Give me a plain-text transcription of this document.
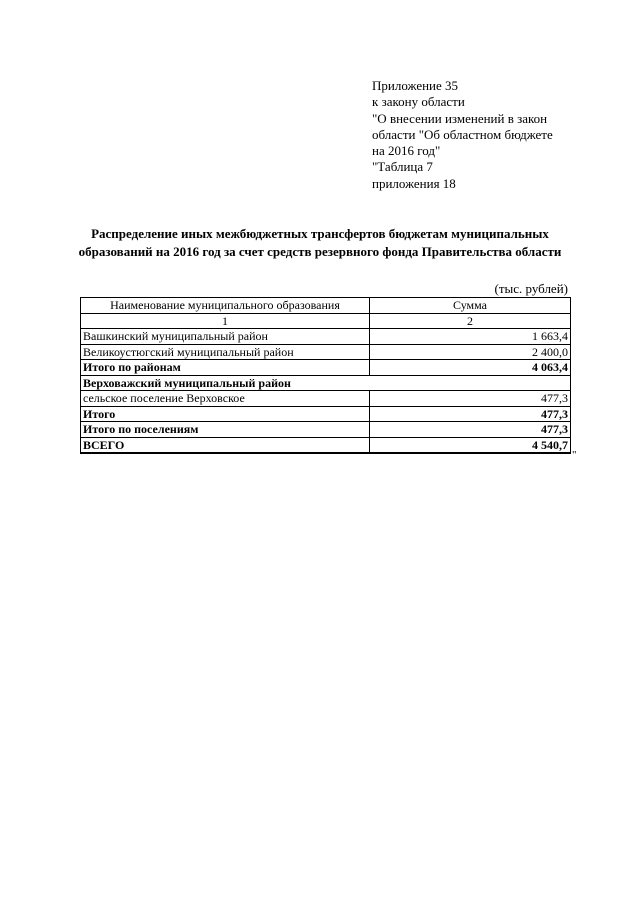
Приложение 35
к закону области
"О внесении изменений в закон
области "Об областном бюджете
на 2016 год"
"Таблица 7
приложения 18
Распределение иных межбюджетных трансфертов бюджетам муниципальных
образований на 2016 год за счет средств резервного фонда Правительства области
(тыс. рублей)
Наименование муниципального образования	Сумма
1	2
Вашкинский муниципальный район	1 663,4
Великоустюгский муниципальный район	2 400,0
Итого по районам	4 063,4
Верховажский муниципальный район	
сельское поселение Верховское	477,3
Итого	477,3
Итого по поселениям	477,3
ВСЕГО	4 540,7
"
